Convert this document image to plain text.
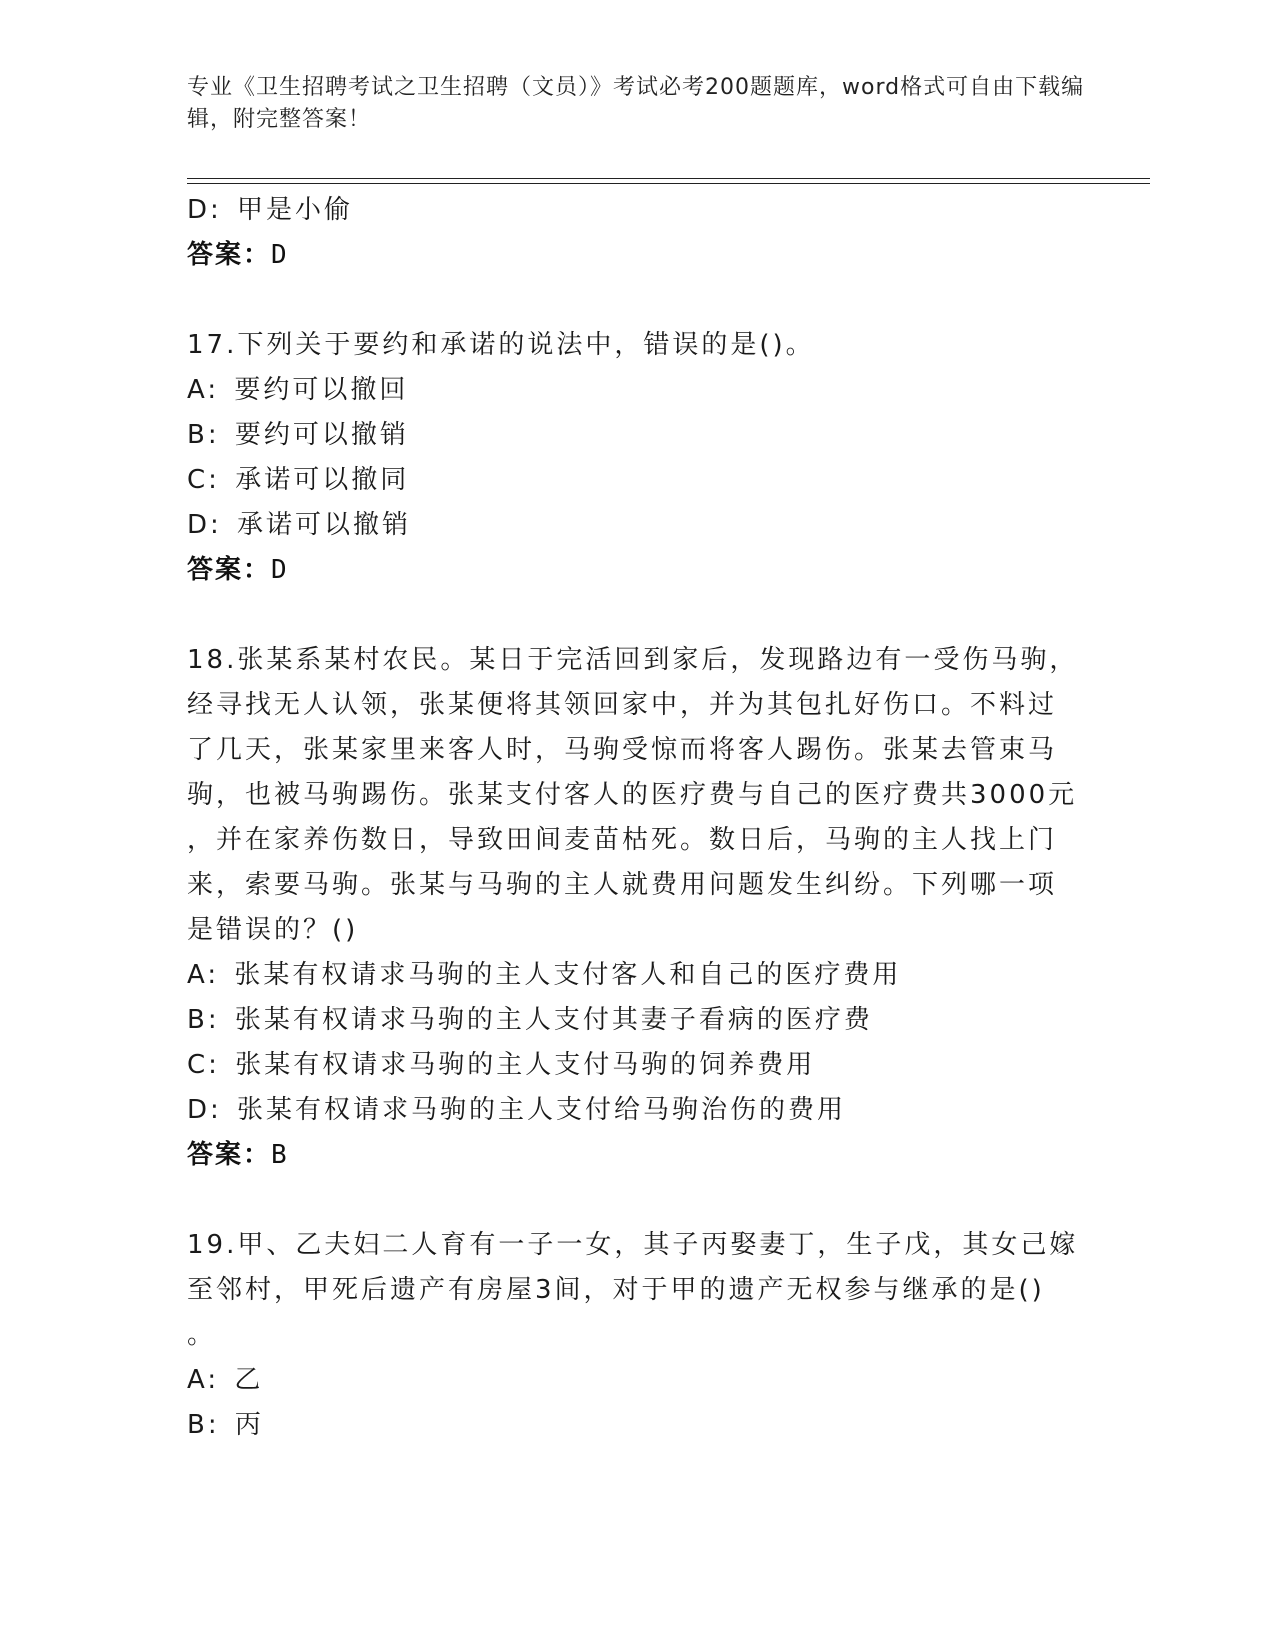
专业《卫生招聘考试之卫生招聘（文员）》考试必考200题题库，word格式可自由下载编辑，附完整答案！
D: 甲是小偷
答案：D
17.下列关于要约和承诺的说法中，错误的是()。
A: 要约可以撤回
B: 要约可以撤销
C: 承诺可以撤同
D: 承诺可以撤销
答案：D
18.张某系某村农民。某日于完活回到家后，发现路边有一受伤马驹，
经寻找无人认领，张某便将其领回家中，并为其包扎好伤口。不料过
了几天，张某家里来客人时，马驹受惊而将客人踢伤。张某去管束马
驹，也被马驹踢伤。张某支付客人的医疗费与自己的医疗费共3000元
，并在家养伤数日，导致田间麦苗枯死。数日后，马驹的主人找上门
来，索要马驹。张某与马驹的主人就费用问题发生纠纷。下列哪一项
是错误的？()
A: 张某有权请求马驹的主人支付客人和自己的医疗费用
B: 张某有权请求马驹的主人支付其妻子看病的医疗费
C: 张某有权请求马驹的主人支付马驹的饲养费用
D: 张某有权请求马驹的主人支付给马驹治伤的费用
答案：B
19.甲、乙夫妇二人育有一子一女，其子丙娶妻丁，生子戊，其女己嫁
至邻村，甲死后遗产有房屋3间，对于甲的遗产无权参与继承的是()
。
A: 乙
B: 丙
